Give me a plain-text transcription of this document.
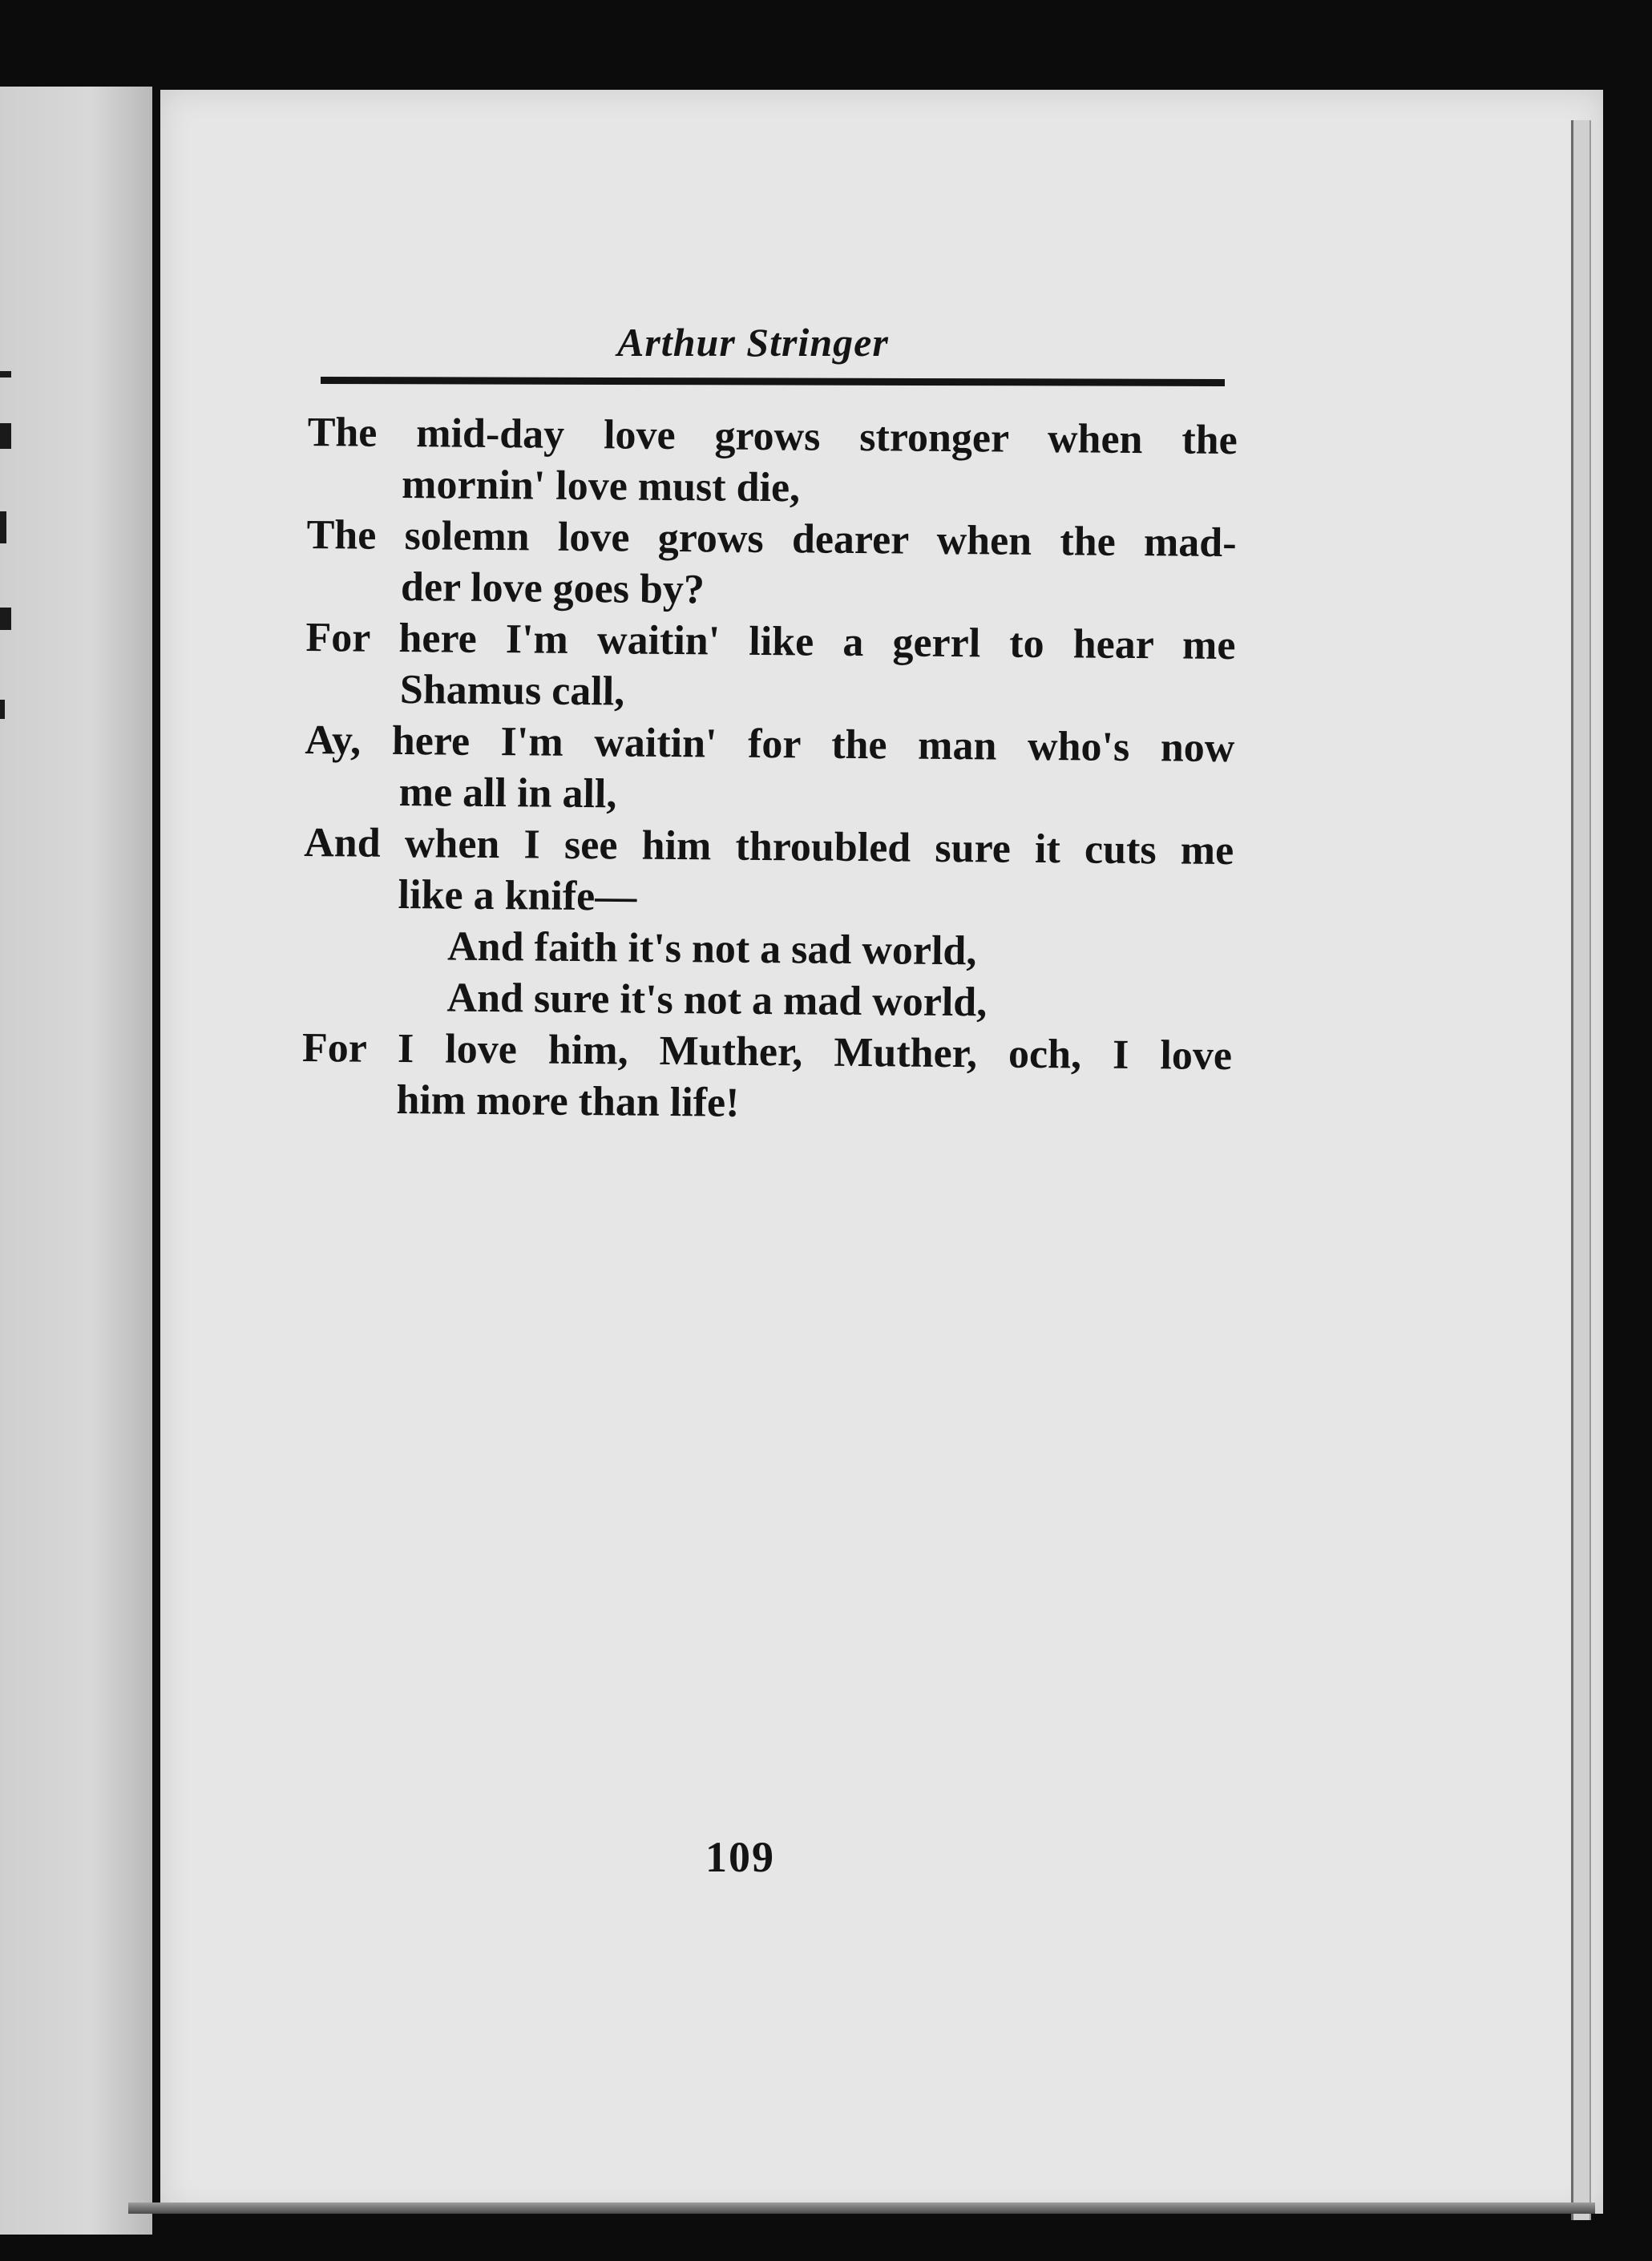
Arthur Stringer
The mid-day love grows stronger when the
mornin' love must die,
The solemn love grows dearer when the mad-
der love goes by?
For here I'm waitin' like a gerrl to hear me
Shamus call,
Ay, here I'm waitin' for the man who's now
me all in all,
And when I see him throubled sure it cuts me
like a knife—
And faith it's not a sad world,
And sure it's not a mad world,
For I love him, Muther, Muther, och, I love
him more than life!
109
